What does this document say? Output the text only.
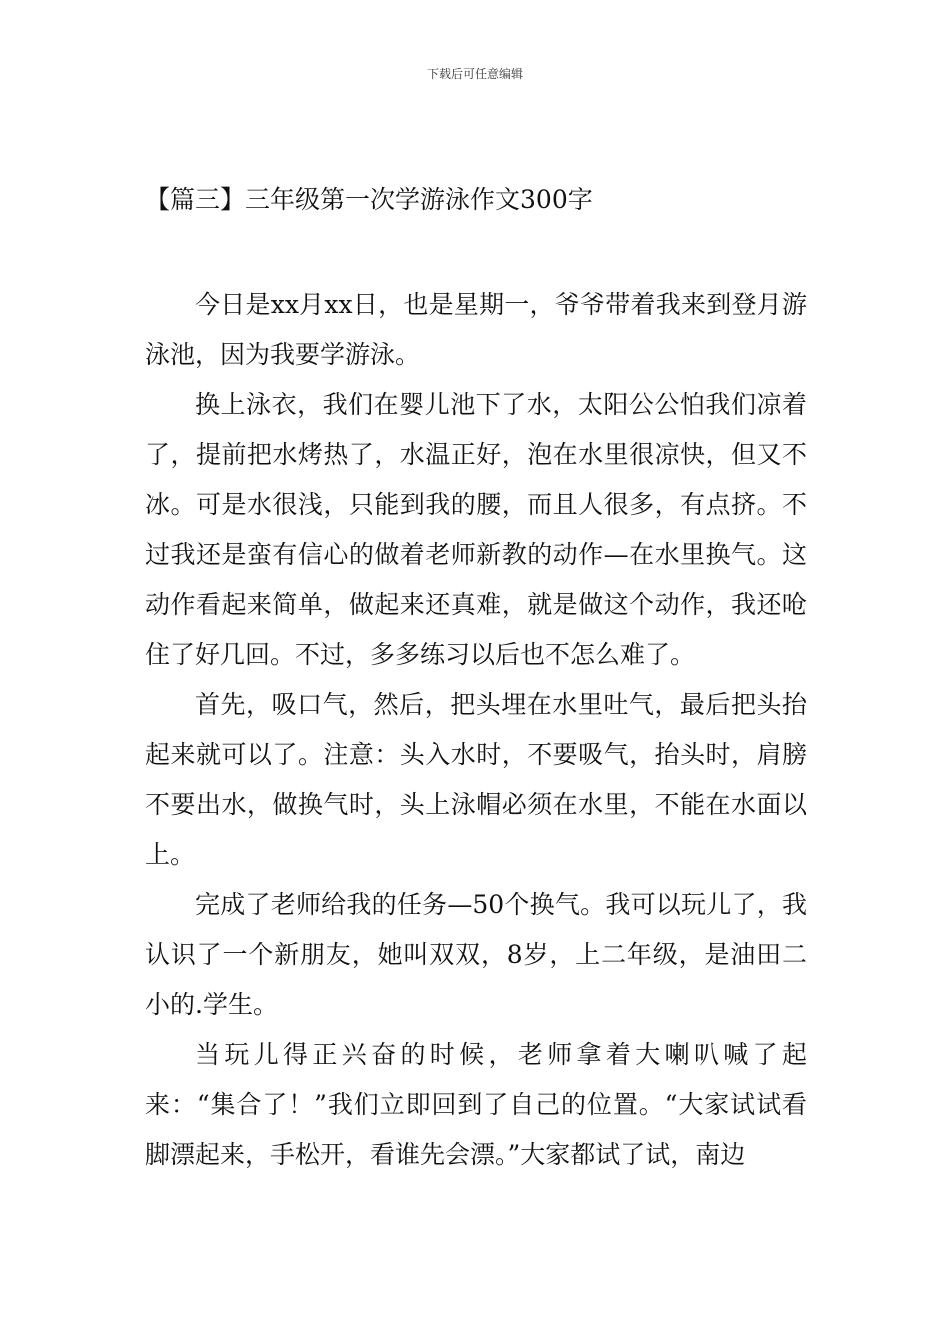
下载后可任意编辑
【篇三】三年级第一次学游泳作文300字

今日是xx月xx日，也是星期一，爷爷带着我来到登月游泳池，因为我要学游泳。

换上泳衣，我们在婴儿池下了水，太阳公公怕我们凉着了，提前把水烤热了，水温正好，泡在水里很凉快，但又不冰。可是水很浅，只能到我的腰，而且人很多，有点挤。不过我还是蛮有信心的做着老师新教的动作—在水里换气。这动作看起来简单，做起来还真难，就是做这个动作，我还呛住了好几回。不过，多多练习以后也不怎么难了。

首先，吸口气，然后，把头埋在水里吐气，最后把头抬起来就可以了。注意：头入水时，不要吸气，抬头时，肩膀不要出水，做换气时，头上泳帽必须在水里，不能在水面以上。

完成了老师给我的任务—50个换气。我可以玩儿了，我认识了一个新朋友，她叫双双，8岁，上二年级，是油田二小的.学生。

当玩儿得正兴奋的时候，老师拿着大喇叭喊了起来：“集合了！”我们立即回到了自己的位置。“大家试试看脚漂起来，手松开，看谁先会漂。”大家都试了试，南边
